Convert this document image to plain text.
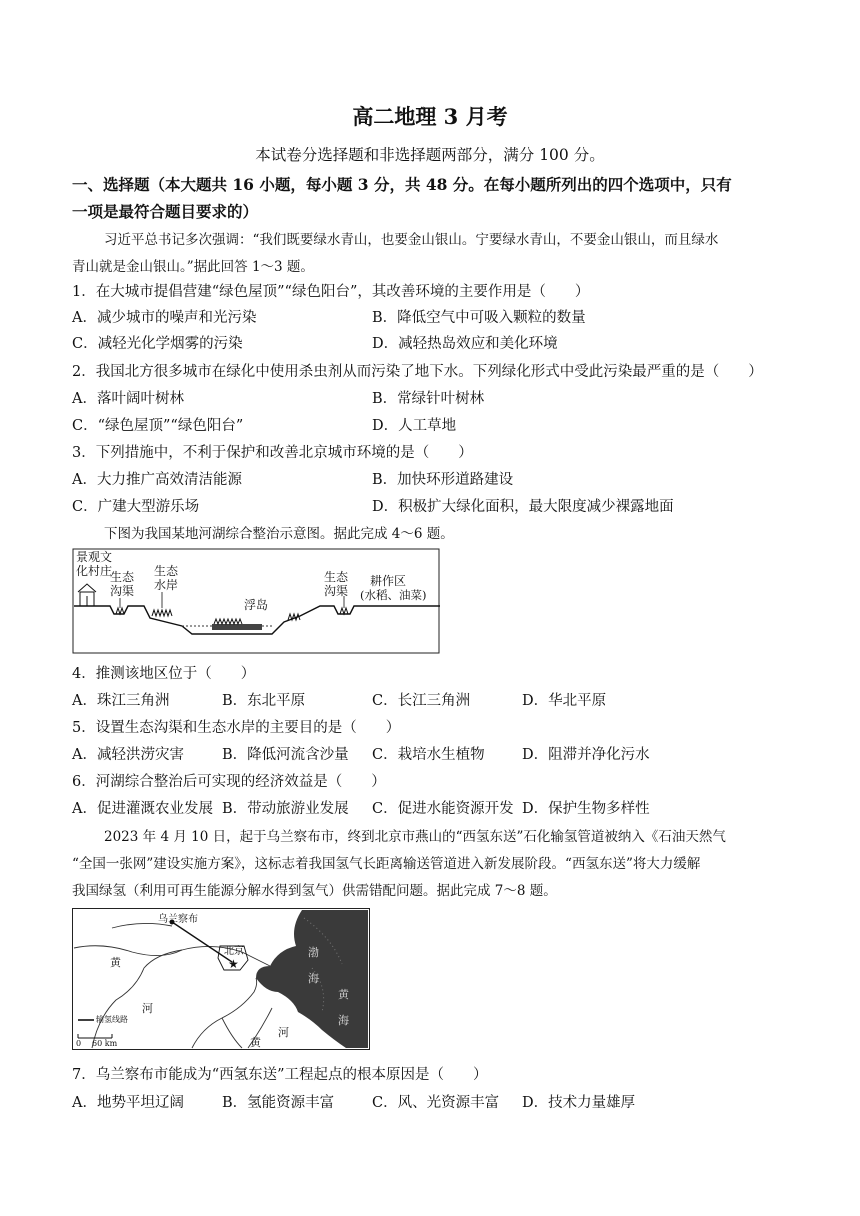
高二地理 3 月考
本试卷分选择题和非选择题两部分，满分 100 分。
一、选择题（本大题共 16 小题，每小题 3 分，共 48 分。在每小题所列出的四个选项中，只有
一项是最符合题目要求的）
习近平总书记多次强调：“我们既要绿水青山，也要金山银山。宁要绿水青山，不要金山银山，而且绿水
青山就是金山银山。”据此回答 1～3 题。
1．在大城市提倡营建“绿色屋顶”“绿色阳台”，其改善环境的主要作用是（　　）
A．减少城市的噪声和光污染	B．降低空气中可吸入颗粒的数量
C．减轻光化学烟雾的污染	D．减轻热岛效应和美化环境
2．我国北方很多城市在绿化中使用杀虫剂从而污染了地下水。下列绿化形式中受此污染最严重的是（　　）
A．落叶阔叶树林	B．常绿针叶树林
C．“绿色屋顶”“绿色阳台”	D．人工草地
3．下列措施中，不利于保护和改善北京城市环境的是（　　）
A．大力推广高效清洁能源	B．加快环形道路建设
C．广建大型游乐场	D．积极扩大绿化面积，最大限度减少裸露地面
下图为我国某地河湖综合整治示意图。据此完成 4～6 题。
景观文
化村庄
生态
沟渠
生态
水岸
浮岛
生态
沟渠
耕作区
(水稻、油菜)
4．推测该地区位于（　　）
A．珠江三角洲	B．东北平原	C．长江三角洲	D．华北平原
5．设置生态沟渠和生态水岸的主要目的是（　　）
A．减轻洪涝灾害	B．降低河流含沙量 C．栽培水生植物	D．阻滞并净化污水
6．河湖综合整治后可实现的经济效益是（　　）
A．促进灌溉农业发展 B．带动旅游业发展 C．促进水能资源开发 D．保护生物多样性
2023 年 4 月 10 日，起于乌兰察布市，终到北京市燕山的“西氢东送”石化输氢管道被纳入《石油天然气
“全国一张网”建设实施方案》，这标志着我国氢气长距离输送管道进入新发展阶段。“西氢东送”将大力缓解
我国绿氢（利用可再生能源分解水得到氢气）供需错配问题。据此完成 7～8 题。
★
乌兰察布
北京
黄
河
黄
河
渤
海
黄
海
输氢线路
0 60 km
7．乌兰察布市能成为“西氢东送”工程起点的根本原因是（　　）
A．地势平坦辽阔	B．氢能资源丰富	C．风、光资源丰富 D．技术力量雄厚
